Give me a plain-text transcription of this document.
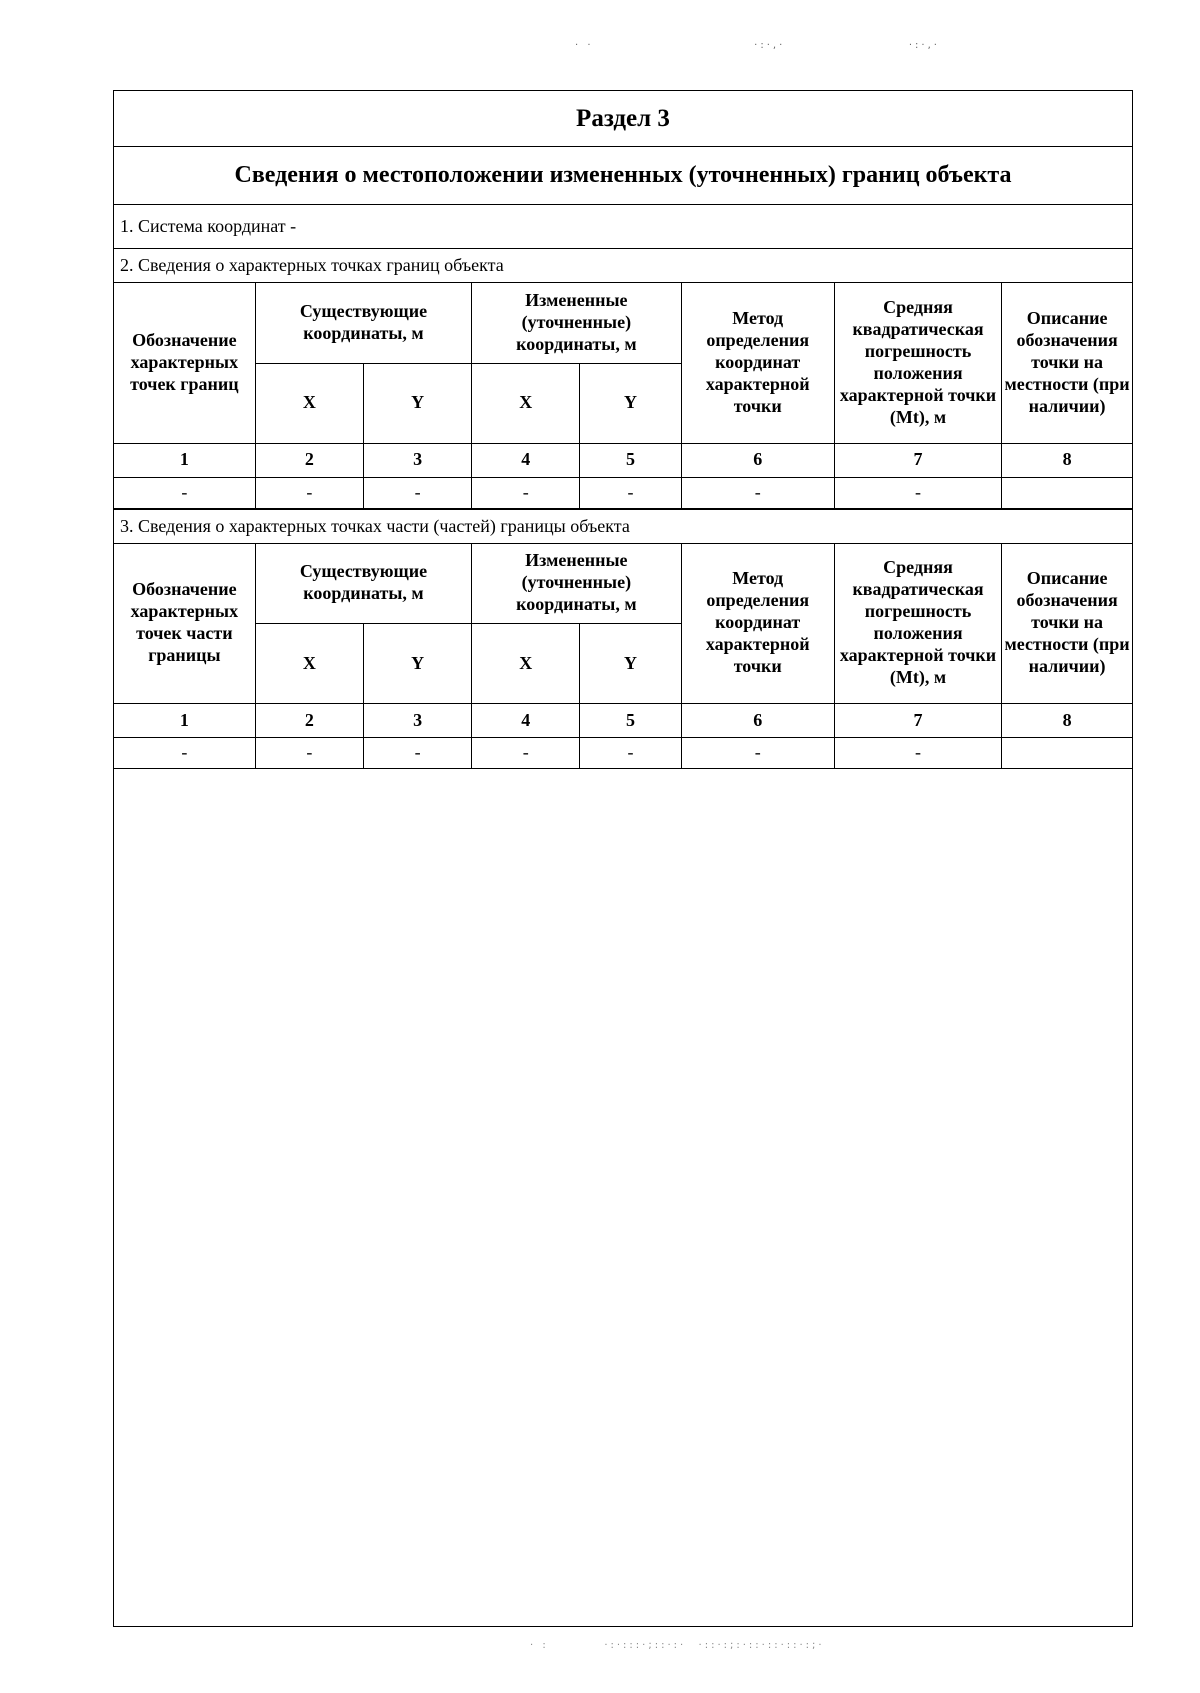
· ·                          ·:·,·                    ·:·,·
Раздел 3
Сведения о местоположении измененных (уточненных) границ объекта
1. Система координат -
2. Сведения о характерных точках границ объекта
Обозначение характерных точек границ	Существующие координаты, м		Измененные (уточненные) координаты, м		Метод определения координат характерной точки	Средняя квадратическая погрешность положения характерной точки (Mt), м	Описание обозначения точки на местности (при наличии)
	X	Y	X	Y			
1	2	3	4	5	6	7	8
-	-	-	-	-	-	-	
3. Сведения о характерных точках части (частей) границы объекта
Обозначение характерных точек части границы	Существующие координаты, м		Измененные (уточненные) координаты, м		Метод определения координат характерной точки	Средняя квадратическая погрешность положения характерной точки (Mt), м	Описание обозначения точки на местности (при наличии)
	X	Y	X	Y			
1	2	3	4	5	6	7	8
-	-	-	-	-	-	-	
· :         ·:·:::·;::·:·  ·::·:;:·::·::·::·:;·
